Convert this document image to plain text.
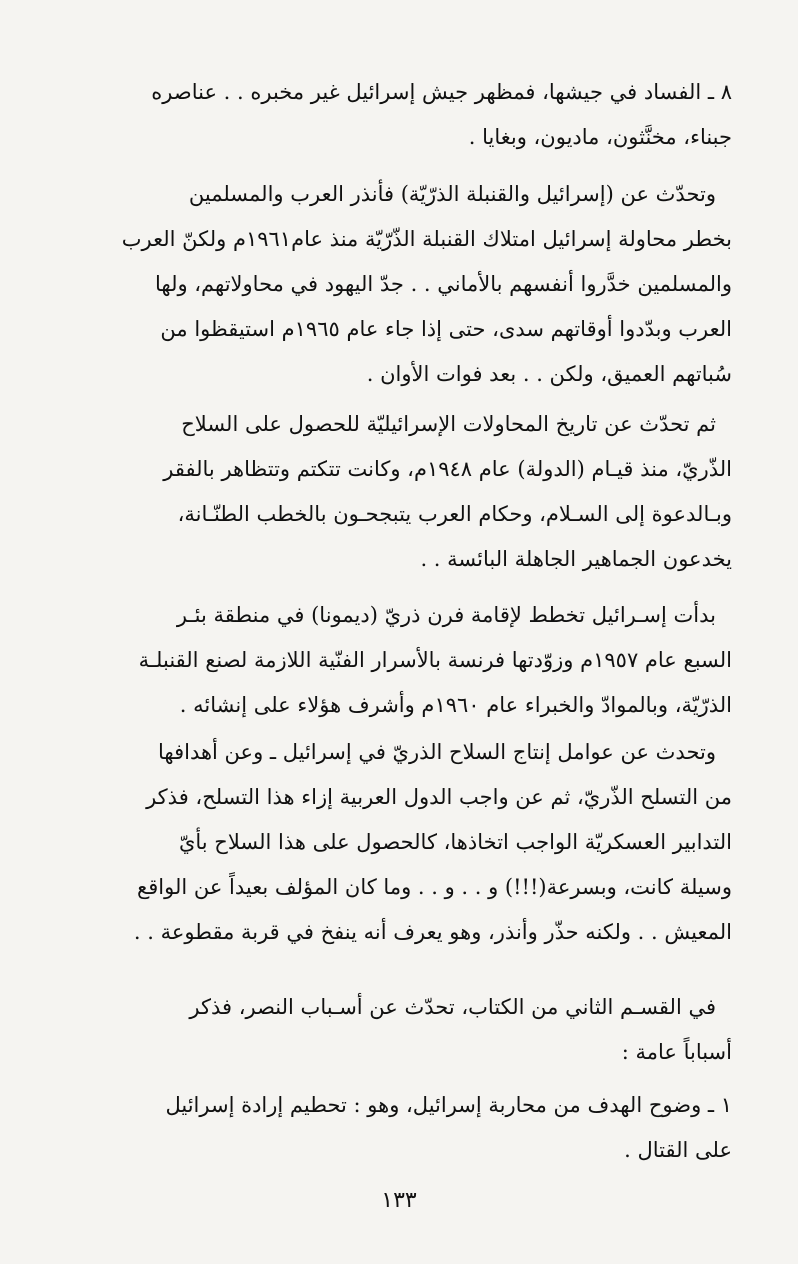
٨ ـ الفساد في جيشها، فمظهر جيش إسرائيل غير مخبره . . عناصره
جبناء، مخنَّثون، ماديون، وبغايا .
وتحدّث عن (إسرائيل والقنبلة الذرّيّة) فأنذر العرب والمسلمين
بخطر محاولة إسرائيل امتلاك القنبلة الذّرّيّة منذ عام١٩٦١م ولكنّ العرب
والمسلمين خدَّروا أنفسهم بالأماني . . جدّ اليهود في محاولاتهم، ولها
العرب وبدّدوا أوقاتهم سدى، حتى إذا جاء عام ١٩٦٥م استيقظوا من
سُباتهم العميق، ولكن . . بعد فوات الأوان .
ثم تحدّث عن تاريخ المحاولات الإسرائيليّة للحصول على السلاح
الذّريّ، منذ قيـام (الدولة) عام ١٩٤٨م، وكانت تتكتم وتتظاهر بالفقر
وبـالدعوة إلى السـلام، وحكام العرب يتبجحـون بالخطب الطنّـانة،
يخدعون الجماهير الجاهلة البائسة . .
بدأت إسـرائيل تخطط لإقامة فرن ذريّ (ديمونا) في منطقة بئـر
السبع عام ١٩٥٧م وزوّدتها فرنسة بالأسرار الفنّية اللازمة لصنع القنبلـة
الذرّيّة، وبالموادّ والخبراء عام ١٩٦٠م وأشرف هؤلاء على إنشائه .
وتحدث عن عوامل إنتاج السلاح الذريّ في إسرائيل ـ وعن أهدافها
من التسلح الذّريّ، ثم عن واجب الدول العربية إزاء هذا التسلح، فذكر
التدابير العسكريّة الواجب اتخاذها، كالحصول على هذا السلاح بأيّ
وسيلة كانت، وبسرعة(!!!) و . . و . . وما كان المؤلف بعيداً عن الواقع
المعيش . . ولكنه حذّر وأنذر، وهو يعرف أنه ينفخ في قربة مقطوعة . .
في القسـم الثاني من الكتاب، تحدّث عن أسـباب النصر، فذكر
أسباباً عامة :
١ ـ وضوح الهدف من محاربة إسرائيل، وهو : تحطيم إرادة إسرائيل
على القتال .
١٣٣
